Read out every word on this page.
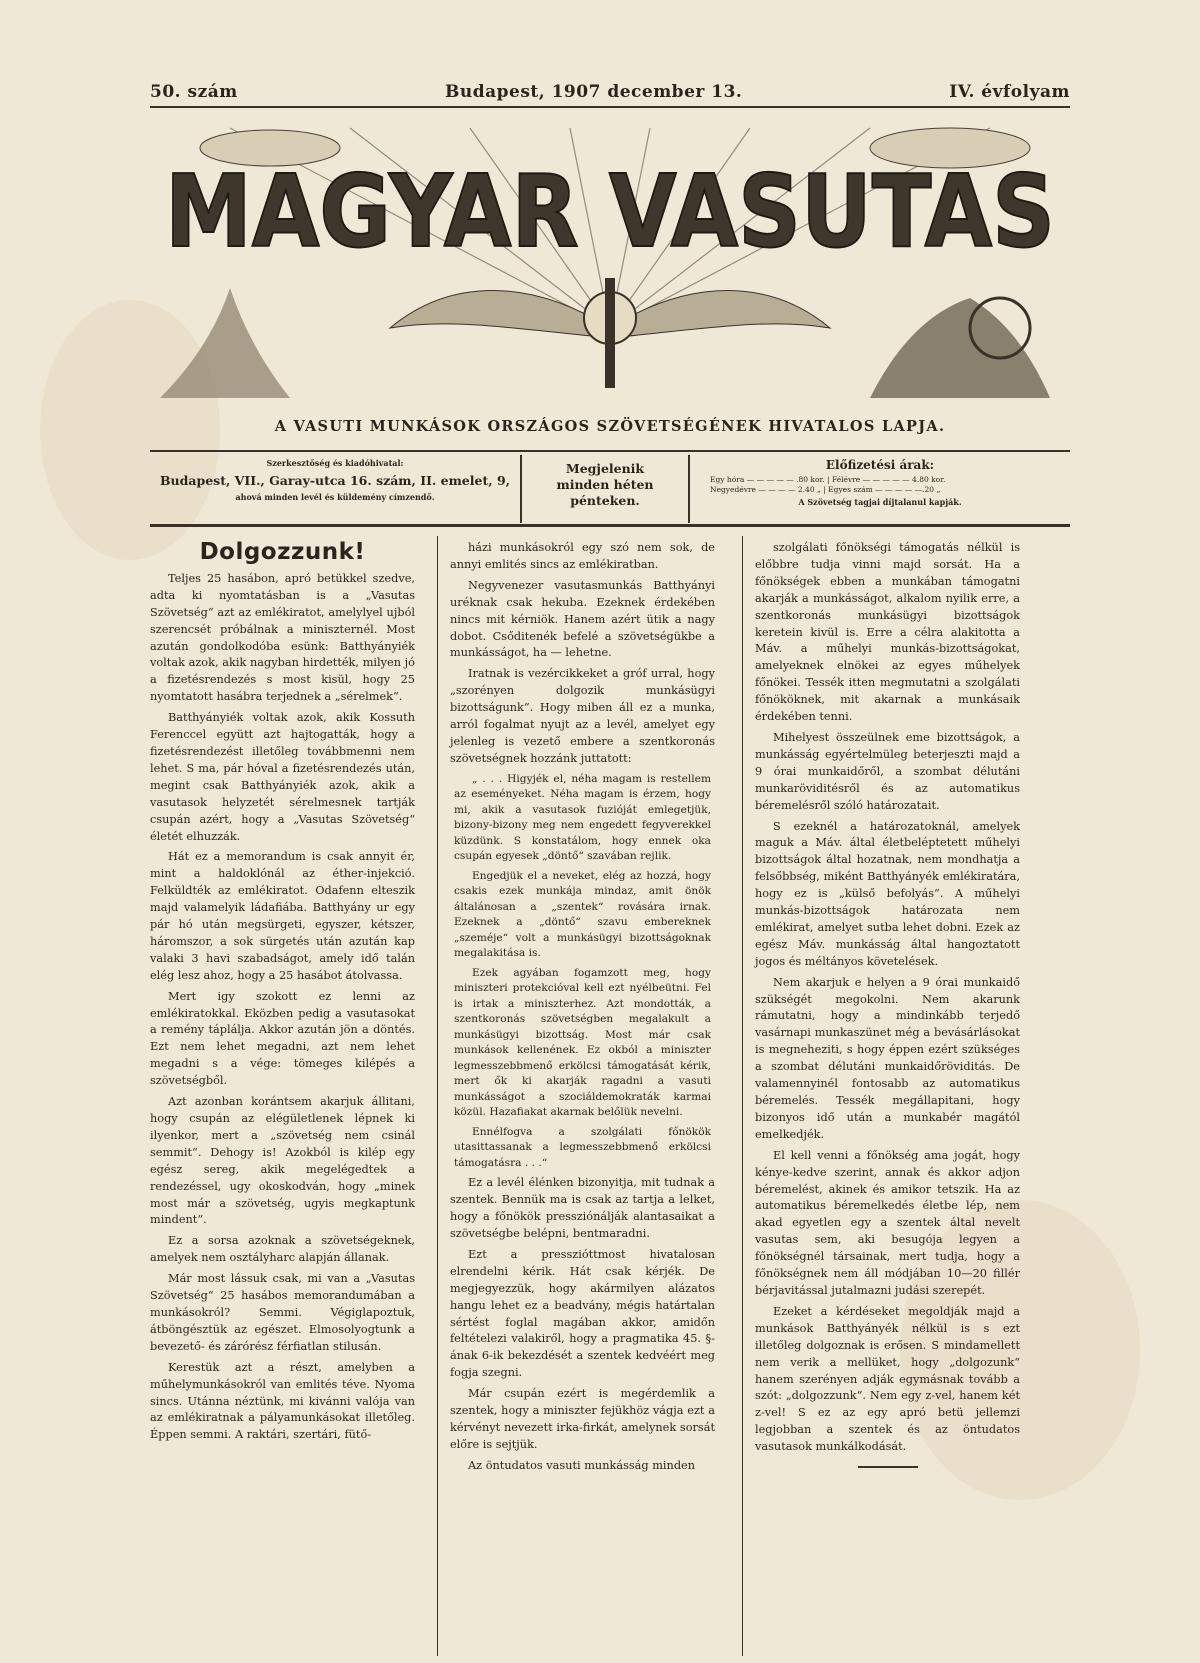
50. szám	Budapest, 1907 december 13.	IV. évfolyam
MAGYAR VASUTAS
A VASUTI MUNKÁSOK ORSZÁGOS SZÖVETSÉGÉNEK HIVATALOS LAPJA.
Szerkesztőség és kiadóhivatal:
Budapest, VII., Garay-utca 16. szám, II. emelet, 9,
ahová minden levél és küldemény címzendő.
Megjelenik
minden héten
pénteken.
Előfizetési árak:
Egy hóra — — — — — .80 kor. | Félévre — — — — — 4.80 kor.
Negyedévre — — — — 2.40 „ | Egyes szám — — — — —.20 „
A Szövetség tagjai díjtalanul kapják.
Dolgozzunk!

Teljes 25 hasábon, apró betükkel szedve, adta ki nyomtatásban is a „Vasutas Szövetség“ azt az emlékiratot, amelylyel ujból szerencsét próbálnak a miniszternél. Most azután gondolkodóba esünk: Batthyányiék voltak azok, akik nagyban hirdették, milyen jó a fizetésrendezés s most kisül, hogy 25 nyomtatott hasábra terjednek a „sérelmek“.

Batthyányiék voltak azok, akik Kossuth Ferenccel együtt azt hajtogatták, hogy a fizetésrendezést illetőleg továbbmenni nem lehet. S ma, pár hóval a fizetésrendezés után, megint csak Batthyányiék azok, akik a vasutasok helyzetét sérelmesnek tartják csupán azért, hogy a „Vasutas Szövetség“ életét elhuzzák.

Hát ez a memorandum is csak annyit ér, mint a haldoklónál az éther-injekció. Felküldték az emlékiratot. Odafenn elteszik majd valamelyik ládafiába. Batthyány ur egy pár hó után megsürgeti, egyszer, kétszer, háromszor, a sok sürgetés után azután kap valaki 3 havi szabadságot, amely idő talán elég lesz ahoz, hogy a 25 hasábot átolvassa.

Mert igy szokott ez lenni az emlékiratokkal. Eközben pedig a vasutasokat a remény táplálja. Akkor azután jön a döntés. Ezt nem lehet megadni, azt nem lehet megadni s a vége: tömeges kilépés a szövetségből.

Azt azonban korántsem akarjuk állitani, hogy csupán az elégületlenek lépnek ki ilyenkor, mert a „szövetség nem csinál semmit“. Dehogy is! Azokból is kilép egy egész sereg, akik megelégedtek a rendezéssel, ugy okoskodván, hogy „minek most már a szövetség, ugyis megkaptunk mindent“.

Ez a sorsa azoknak a szövetségeknek, amelyek nem osztályharc alapján állanak.

Már most lássuk csak, mi van a „Vasutas Szövetség“ 25 hasábos memorandumában a munkásokról? Semmi. Végiglapoztuk, átböngésztük az egészet. Elmosolyogtunk a bevezető- és zárórész férfiatlan stilusán.

Kerestük azt a részt, amelyben a műhelymunkásokról van emlités téve. Nyoma sincs. Utánna néztünk, mi kivánni valója van az emlékiratnak a pályamunkásokat illetőleg. Éppen semmi. A raktári, szertári, fütő-

házi munkásokról egy szó nem sok, de annyi emlités sincs az emlékiratban.

Negyvenezer vasutasmunkás Batthyányi uréknak csak hekuba. Ezeknek érdekében nincs mit kérniök. Hanem azért ütik a nagy dobot. Csőditenék befelé a szövetségükbe a munkásságot, ha — lehetne.

Iratnak is vezércikkeket a gróf urral, hogy „szorényen dolgozik munkásügyi bizottságunk“. Hogy miben áll ez a munka, arról fogalmat nyujt az a levél, amelyet egy jelenleg is vezető embere a szentkoronás szövetségnek hozzánk juttatott:

„ . . . Higyjék el, néha magam is restellem az eseményeket. Néha magam is érzem, hogy mi, akik a vasutasok fuzióját emlegetjük, bizony-bizony meg nem engedett fegyverekkel küzdünk. S konstatálom, hogy ennek oka csupán egyesek „döntő“ szavában rejlik.

Engedjük el a neveket, elég az hozzá, hogy csakis ezek munkája mindaz, amit önök általánosan a „szentek“ rovására irnak. Ezeknek a „döntő“ szavu embereknek „szeméje“ volt a munkásügyi bizottságoknak megalakitása is.

Ezek agyában fogamzott meg, hogy miniszteri protekcióval kell ezt nyélbeütni. Fel is irtak a miniszterhez. Azt mondották, a szentkoronás szövetségben megalakult a munkásügyi bizottság. Most már csak munkások kellenének. Ez okból a miniszter legmesszebbmenő erkölcsi támogatását kérik, mert ők ki akarják ragadni a vasuti munkásságot a szociáldemokraták karmai közül. Hazafiakat akarnak belőlük nevelni.

Ennélfogva a szolgálati főnökök utasittassanak a legmesszebbmenő erkölcsi támogatásra . . .“

Ez a levél élénken bizonyitja, mit tudnak a szentek. Bennük ma is csak az tartja a lelket, hogy a főnökök pressziónálják alantasaikat a szövetségbe belépni, bentmaradni.

Ezt a presszióttmost hivatalosan elrendelni kérik. Hát csak kérjék. De megjegyezzük, hogy akármilyen alázatos hangu lehet ez a beadvány, mégis határtalan sértést foglal magában akkor, amidőn feltételezi valakiről, hogy a pragmatika 45. §-ának 6-ik bekezdését a szentek kedvéért meg fogja szegni.

Már csupán ezért is megérdemlik a szentek, hogy a miniszter fejükhöz vágja ezt a kérvényt nevezett irka-firkát, amelynek sorsát előre is sejtjük.

Az öntudatos vasuti munkásság minden

szolgálati főnökségi támogatás nélkül is előbbre tudja vinni majd sorsát. Ha a főnökségek ebben a munkában támogatni akarják a munkásságot, alkalom nyilik erre, a szentkoronás munkásügyi bizottságok keretein kivül is. Erre a célra alakitotta a Máv. a műhelyi munkás-bizottságokat, amelyeknek elnökei az egyes műhelyek főnökei. Tessék itten megmutatni a szolgálati főnököknek, mit akarnak a munkásaik érdekében tenni.

Mihelyest összeülnek eme bizottságok, a munkásság egyértelmüleg beterjeszti majd a 9 órai munkaidőről, a szombat délutáni munkaröviditésről és az automatikus béremelésről szóló határozatait.

S ezeknél a határozatoknál, amelyek maguk a Máv. által életbeléptetett műhelyi bizottságok által hozatnak, nem mondhatja a felsőbbség, miként Batthyányék emlékiratára, hogy ez is „külső befolyás“. A műhelyi munkás-bizottságok határozata nem emlékirat, amelyet sutba lehet dobni. Ezek az egész Máv. munkásság által hangoztatott jogos és méltányos követelések.

Nem akarjuk e helyen a 9 órai munkaidő szükségét megokolni. Nem akarunk rámutatni, hogy a mindinkább terjedő vasárnapi munkaszünet még a bevásárlásokat is megneheziti, s hogy éppen ezért szükséges a szombat délutáni munkaidőröviditás. De valamennyinél fontosabb az automatikus béremelés. Tessék megállapitani, hogy bizonyos idő után a munkabér magától emelkedjék.

El kell venni a főnökség ama jogát, hogy kénye-kedve szerint, annak és akkor adjon béremelést, akinek és amikor tetszik. Ha az automatikus béremelkedés életbe lép, nem akad egyetlen egy a szentek által nevelt vasutas sem, aki besugója legyen a főnökségnél társainak, mert tudja, hogy a főnökségnek nem áll módjában 10—20 fillér bérjavitással jutalmazni judási szerepét.

Ezeket a kérdéseket megoldják majd a munkások Batthyányék nélkül is s ezt illetőleg dolgoznak is erősen. S mindamellett nem verik a mellüket, hogy „dolgozunk“ hanem szerényen adják egymásnak tovább a szót: „dolgozzunk“. Nem egy z-vel, hanem két z-vel! S ez az egy apró betü jellemzi legjobban a szentek és az öntudatos vasutasok munkálkodását.
